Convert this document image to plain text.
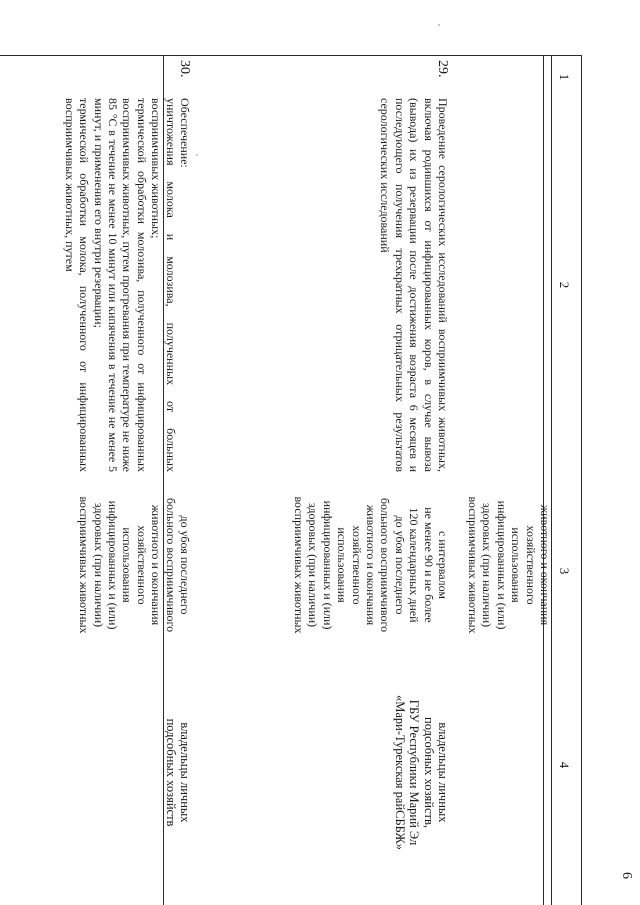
6
1
2
3
4

животного и окончания

хозяйственного

использования

инфицированных и (или)

здоровых (при наличии)

восприимчивых животных

29.
Проведение серологических исследований восприимчивых животных, включая родившихся от инфицированных коров, в случае вывоза (вывода) их из резервации после достижения возраста 6 месяцев и последующего получения трехкратных отрицательных результатов серологических исследований

с интервалом

не менее 90 и не более

120 календарных дней

до убоя последнего

больного восприимчивого

животного и окончания

хозяйственного

использования

инфицированных и (или)

здоровых (при наличии)

восприимчивых животных

владельцы личных

подсобных хозяйств,

ГБУ Республики Марий Эл

«Мари-Турекская райСББЖ»

30.

Обеспечение:

уничтожения молока и молозива, полученных от больных восприимчивых животных;

термической обработки молозива, полученного от инфицированных восприимчивых животных, путем прогревания при температуре не ниже 85 °С в течение не менее 10 минут или кипячения в течение не менее 5 минут, и применения его внутри резервации;

термической обработки молока, полученного от инфицированных восприимчивых животных, путем

до убоя последнего

больного восприимчивого

животного и окончания

хозяйственного

использования

инфицированных и (или)

здоровых (при наличии)

восприимчивых животных

владельцы личных

подсобных хозяйств
